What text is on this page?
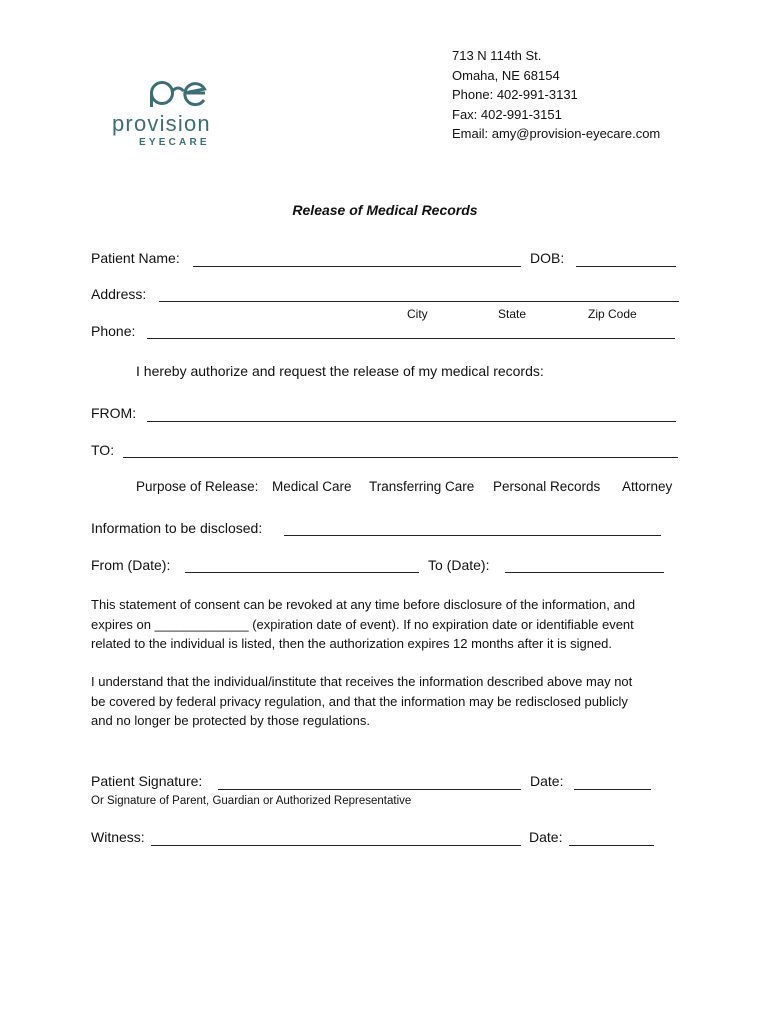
provision
EYECARE
713 N 114th St.
Omaha, NE 68154
Phone: 402-991-3131
Fax: 402-991-3151
Email: amy@provision-eyecare.com
Release of Medical Records
Patient Name:	DOB:
Address:
City	State	Zip Code
Phone:
I hereby authorize and request the release of my medical records:
FROM:
TO:
Purpose of Release: Medical Care Transferring Care Personal Records Attorney
Information to be disclosed:
From (Date):	To (Date):
This statement of consent can be revoked at any time before disclosure of the information, and
expires on _____________ (expiration date of event). If no expiration date or identifiable event
related to the individual is listed, then the authorization expires 12 months after it is signed.
I understand that the individual/institute that receives the information described above may not
be covered by federal privacy regulation, and that the information may be redisclosed publicly
and no longer be protected by those regulations.
Patient Signature:	Date:
Or Signature of Parent, Guardian or Authorized Representative
Witness:	Date:
